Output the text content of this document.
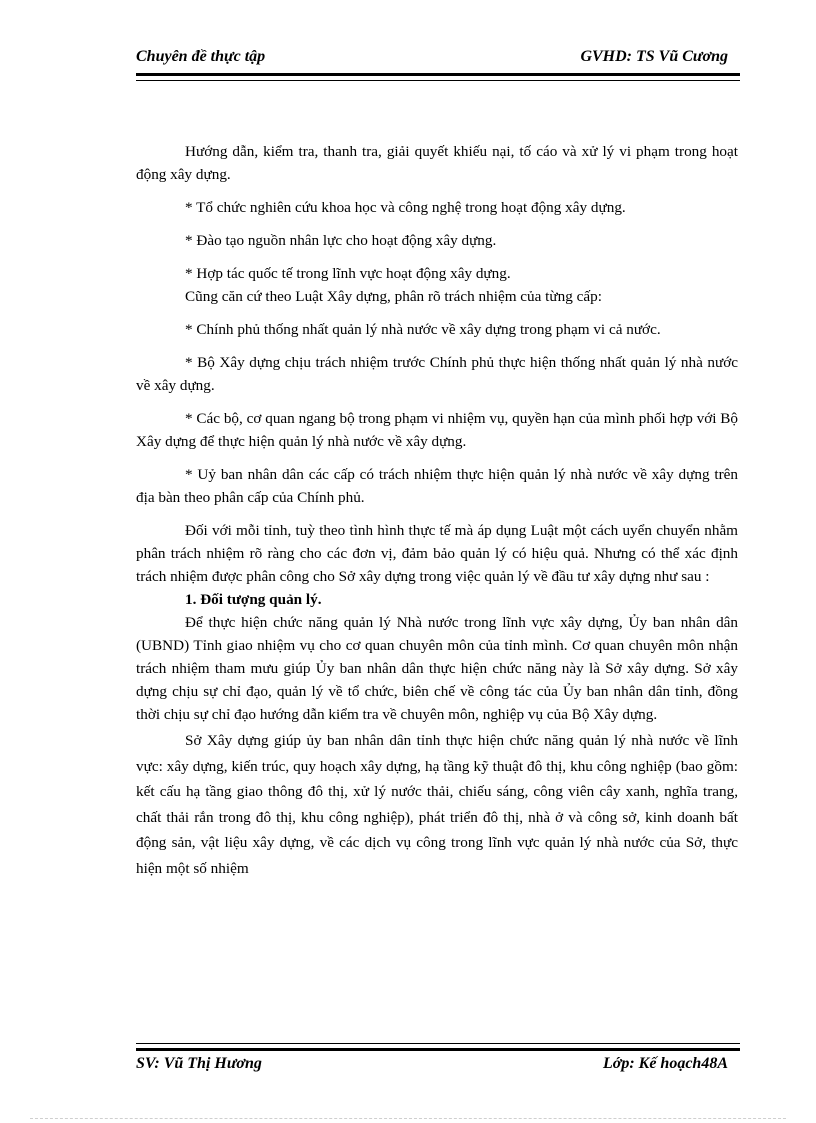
Chuyên đề thực tập	GVHD: TS Vũ Cương

Hướng dẫn, kiểm tra, thanh tra, giải quyết khiếu nại, tố cáo và xử lý vi phạm trong hoạt động xây dựng.

* Tổ chức nghiên cứu khoa học và công nghệ trong hoạt động xây dựng.

* Đào tạo nguồn nhân lực cho hoạt động xây dựng.

* Hợp tác quốc tế trong lĩnh vực hoạt động xây dựng.

Cũng căn cứ theo Luật Xây dựng, phân rõ trách nhiệm của từng cấp:

* Chính phủ thống nhất quản lý nhà nước về xây dựng trong phạm vi cả nước.

* Bộ Xây dựng chịu trách nhiệm trước Chính phủ thực hiện thống nhất quản lý nhà nước về xây dựng.

* Các bộ, cơ quan ngang bộ trong phạm vi nhiệm vụ, quyền hạn của mình phối hợp với Bộ Xây dựng để thực hiện quản lý nhà nước về xây dựng.

* Uỷ ban nhân dân các cấp có trách nhiệm thực hiện quản lý nhà nước về xây dựng trên địa bàn theo phân cấp của Chính phủ.

Đối với mỗi tỉnh, tuỳ theo tình hình thực tế mà áp dụng Luật một cách uyển chuyển nhằm phân trách nhiệm rõ ràng cho các đơn vị, đảm bảo quản lý có hiệu quả. Nhưng có thể xác định trách nhiệm được phân công cho Sở xây dựng trong việc quản lý về đầu tư xây dựng như sau :

1. Đối tượng quản lý.

Để thực hiện chức năng quản lý Nhà nước trong lĩnh vực xây dựng, Ủy ban nhân dân (UBND) Tỉnh giao nhiệm vụ cho cơ quan chuyên môn của tỉnh mình. Cơ quan chuyên môn nhận trách nhiệm tham mưu giúp Ủy ban nhân dân thực hiện chức năng này là Sở xây dựng. Sở xây dựng chịu sự chỉ đạo, quản lý về tổ chức, biên chế về công tác của Ủy ban nhân dân tỉnh, đồng thời chịu sự chỉ đạo hướng dẫn kiểm tra về chuyên môn, nghiệp vụ của Bộ Xây dựng.

Sở Xây dựng giúp ủy ban nhân dân tỉnh thực hiện chức năng quản lý nhà nước về lĩnh vực: xây dựng, kiến trúc, quy hoạch xây dựng, hạ tầng kỹ thuật đô thị, khu công nghiệp (bao gồm: kết cấu hạ tầng giao thông đô thị, xử lý nước thải, chiếu sáng, công viên cây xanh, nghĩa trang, chất thải rắn trong đô thị, khu công nghiệp), phát triển đô thị, nhà ở và công sở, kinh doanh bất động sản, vật liệu xây dựng, về các dịch vụ công trong lĩnh vực quản lý nhà nước của Sở, thực hiện một số nhiệm

SV: Vũ Thị Hương	Lớp: Kế hoạch48A
